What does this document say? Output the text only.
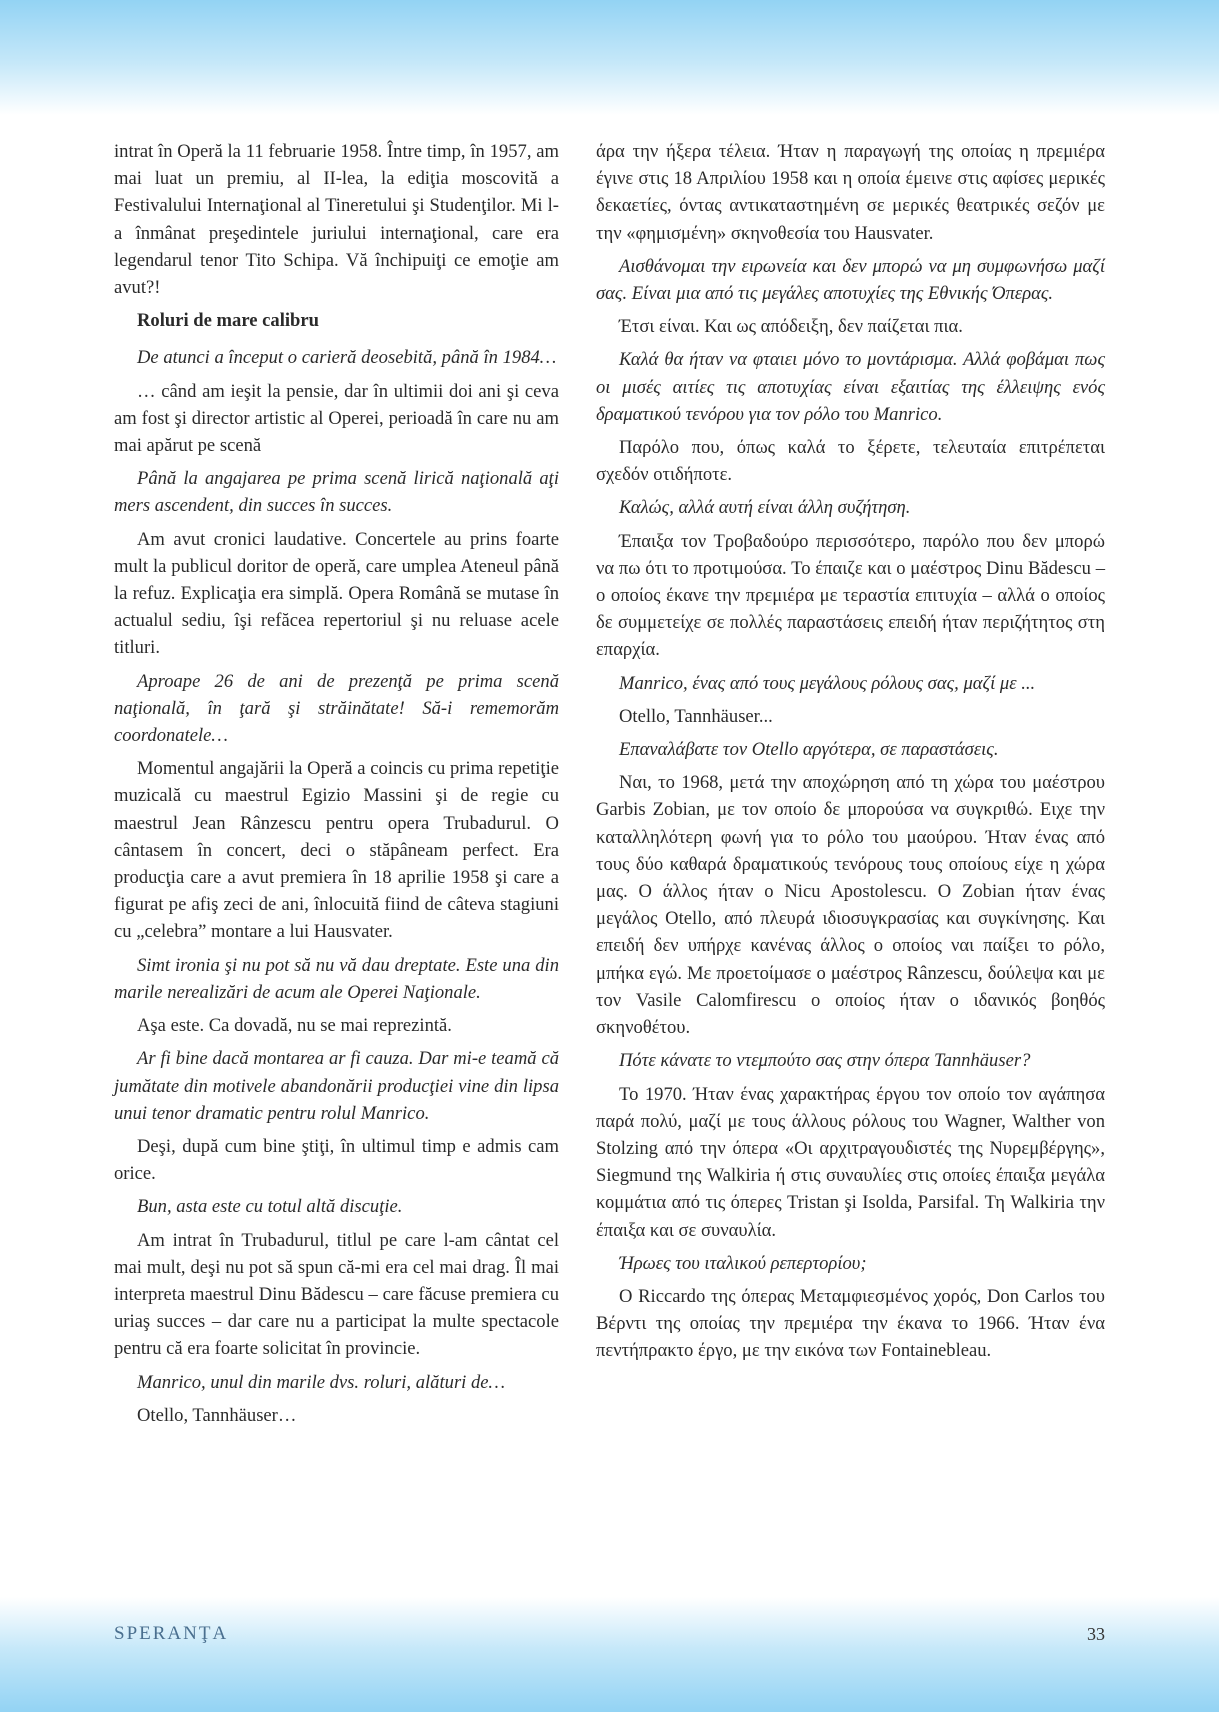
intrat în Operă la 11 februarie 1958. Între timp, în 1957, am mai luat un premiu, al II-lea, la ediţia moscovită a Festivalului Internaţional al Tineretului şi Studenţilor. Mi l-a înmânat preşedintele juriului internaţional, care era legendarul tenor Tito Schipa. Vă închipuiţi ce emoţie am avut?!

Roluri de mare calibru

De atunci a început o carieră deosebită, până în 1984…

… când am ieşit la pensie, dar în ultimii doi ani şi ceva am fost şi director artistic al Operei, perioadă în care nu am mai apărut pe scenă

Până la angajarea pe prima scenă lirică naţională aţi mers ascendent, din succes în succes.

Am avut cronici laudative. Concertele au prins foarte mult la publicul doritor de operă, care umplea Ateneul până la refuz. Explicaţia era simplă. Opera Română se mutase în actualul sediu, îşi refăcea repertoriul şi nu reluase acele titluri.

Aproape 26 de ani de prezenţă pe prima scenă naţională, în ţară şi străinătate! Să-i rememorăm coordonatele…

Momentul angajării la Operă a coincis cu prima repetiţie muzicală cu maestrul Egizio Massini şi de regie cu maestrul Jean Rânzescu pentru opera Trubadurul. O cântasem în concert, deci o stăpâneam perfect. Era producţia care a avut premiera în 18 aprilie 1958 şi care a figurat pe afiş zeci de ani, înlocuită fiind de câteva stagiuni cu „celebra” montare a lui Hausvater.

Simt ironia şi nu pot să nu vă dau dreptate. Este una din marile nerealizări de acum ale Operei Naţionale.

Aşa este. Ca dovadă, nu se mai reprezintă.

Ar fi bine dacă montarea ar fi cauza. Dar mi-e teamă că jumătate din motivele abandonării producţiei vine din lipsa unui tenor dramatic pentru rolul Manrico.

Deşi, după cum bine ştiţi, în ultimul timp e admis cam orice.

Bun, asta este cu totul altă discuţie.

Am intrat în Trubadurul, titlul pe care l-am cântat cel mai mult, deşi nu pot să spun că-mi era cel mai drag. Îl mai interpreta maestrul Dinu Bădescu – care făcuse premiera cu uriaş succes – dar care nu a participat la multe spectacole pentru că era foarte solicitat în provincie.

Manrico, unul din marile dvs. roluri, alături de…

Otello, Tannhäuser…

άρα την ήξερα τέλεια. Ήταν η παραγωγή της οποίας η πρεμιέρα έγινε στις 18 Απριλίου 1958 και η οποία έμεινε στις αφίσες μερικές δεκαετίες, όντας αντικαταστημένη σε μερικές θεατρικές σεζόν με την «φημισμένη» σκηνοθεσία του Hausvater.

Αισθάνομαι την ειρωνεία και δεν μπορώ να μη συμφωνήσω μαζί σας. Είναι μια από τις μεγάλες αποτυχίες της Εθνικής Όπερας.

Έτσι είναι. Και ως απόδειξη, δεν παίζεται πια.

Καλά θα ήταν να φταιει μόνο το μοντάρισμα. Αλλά φοβάμαι πως οι μισές αιτίες τις αποτυχίας είναι εξαιτίας της έλλειψης ενός δραματικού τενόρου για τον ρόλο του Manrico.

Παρόλο που, όπως καλά το ξέρετε, τελευταία επιτρέπεται σχεδόν οτιδήποτε.

Καλώς, αλλά αυτή είναι άλλη συζήτηση.

Έπαιξα τον Τροβαδούρο περισσότερο, παρόλο που δεν μπορώ να πω ότι το προτιμούσα. Το έπαιζε και ο μαέστρος Dinu Bădescu – ο οποίος έκανε την πρεμιέρα με τεραστία επιτυχία – αλλά ο οποίος δε συμμετείχε σε πολλές παραστάσεις επειδή ήταν περιζήτητος στη επαρχία.

Manrico, ένας από τους μεγάλους ρόλους σας, μαζί με ...

Otello, Tannhäuser...

Επαναλάβατε τον Otello αργότερα, σε παραστάσεις.

Ναι, το 1968, μετά την αποχώρηση από τη χώρα του μαέστρου Garbis Zobian, με τον οποίο δε μπορούσα να συγκριθώ. Ειχε την καταλληλότερη φωνή για το ρόλο του μαούρου. Ήταν ένας από τους δύο καθαρά δραματικούς τενόρους τους οποίους είχε η χώρα μας. Ο άλλος ήταν ο Nicu Apostolescu. Ο Zobian ήταν ένας μεγάλος Otello, από πλευρά ιδιοσυγκρασίας και συγκίνησης. Και επειδή δεν υπήρχε κανένας άλλος ο οποίος ναι παίξει το ρόλο, μπήκα εγώ. Με προετοίμασε ο μαέστρος Rânzescu, δούλεψα και με τον Vasile Calomfirescu ο οποίος ήταν ο ιδανικός βοηθός σκηνοθέτου.

Πότε κάνατε το ντεμπούτο σας στην όπερα Tannhäuser?

Το 1970. Ήταν ένας χαρακτήρας έργου τον οποίο τον αγάπησα παρά πολύ, μαζί με τους άλλους ρόλους του Wagner, Walther von Stolzing από την όπερα «Οι αρχιτραγουδιστές της Νυρεμβέργης», Siegmund της Walkiria ή στις συναυλίες στις οποίες έπαιξα μεγάλα κομμάτια από τις όπερες Tristan şi Isolda, Parsifal. Τη Walkiria την έπαιξα και σε συναυλία.

Ήρωες του ιταλικού ρεπερτορίου;

Ο Riccardo της όπερας Μεταμφιεσμένος χορός, Don Carlos του Βέρντι της οποίας την πρεμιέρα την έκανα το 1966. Ήταν ένα πεντήπρακτο έργο, με την εικόνα των Fontainebleau.

SPERANŢA	33
